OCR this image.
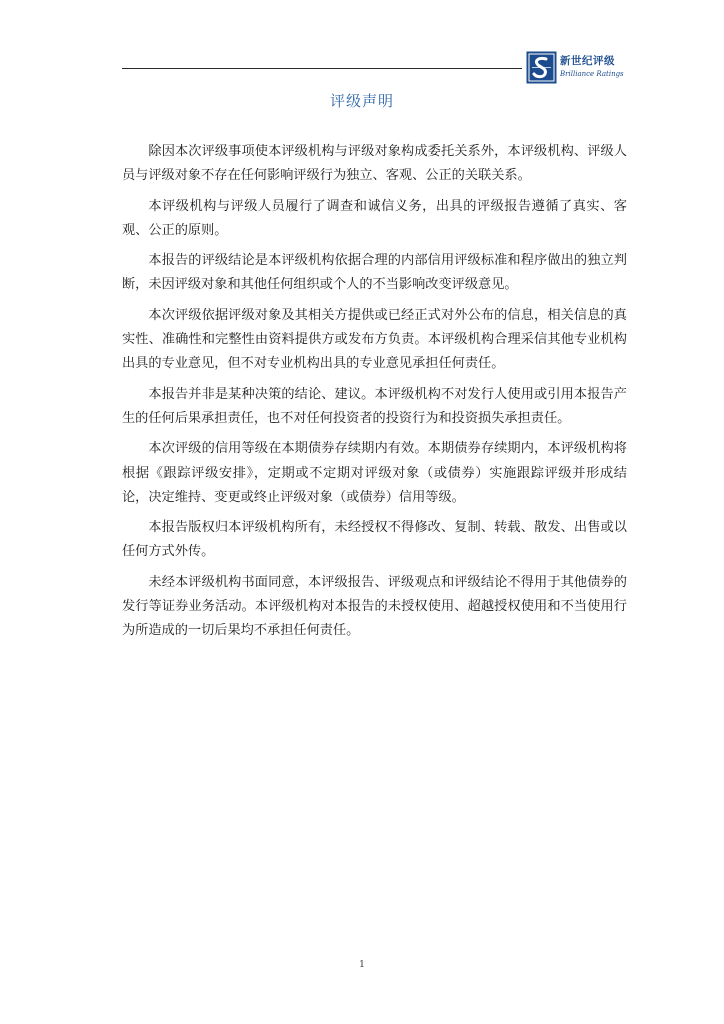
新世纪评级
Brilliance Ratings
评级声明

除因本次评级事项使本评级机构与评级对象构成委托关系外，本评级机构、评级人员与评级对象不存在任何影响评级行为独立、客观、公正的关联关系。

本评级机构与评级人员履行了调查和诚信义务，出具的评级报告遵循了真实、客观、公正的原则。

本报告的评级结论是本评级机构依据合理的内部信用评级标准和程序做出的独立判断，未因评级对象和其他任何组织或个人的不当影响改变评级意见。

本次评级依据评级对象及其相关方提供或已经正式对外公布的信息，相关信息的真实性、准确性和完整性由资料提供方或发布方负责。本评级机构合理采信其他专业机构出具的专业意见，但不对专业机构出具的专业意见承担任何责任。

本报告并非是某种决策的结论、建议。本评级机构不对发行人使用或引用本报告产生的任何后果承担责任，也不对任何投资者的投资行为和投资损失承担责任。

本次评级的信用等级在本期债券存续期内有效。本期债券存续期内，本评级机构将根据《跟踪评级安排》，定期或不定期对评级对象（或债券）实施跟踪评级并形成结论，决定维持、变更或终止评级对象（或债券）信用等级。

本报告版权归本评级机构所有，未经授权不得修改、复制、转载、散发、出售或以任何方式外传。

未经本评级机构书面同意，本评级报告、评级观点和评级结论不得用于其他债券的发行等证券业务活动。本评级机构对本报告的未授权使用、超越授权使用和不当使用行为所造成的一切后果均不承担任何责任。

1
